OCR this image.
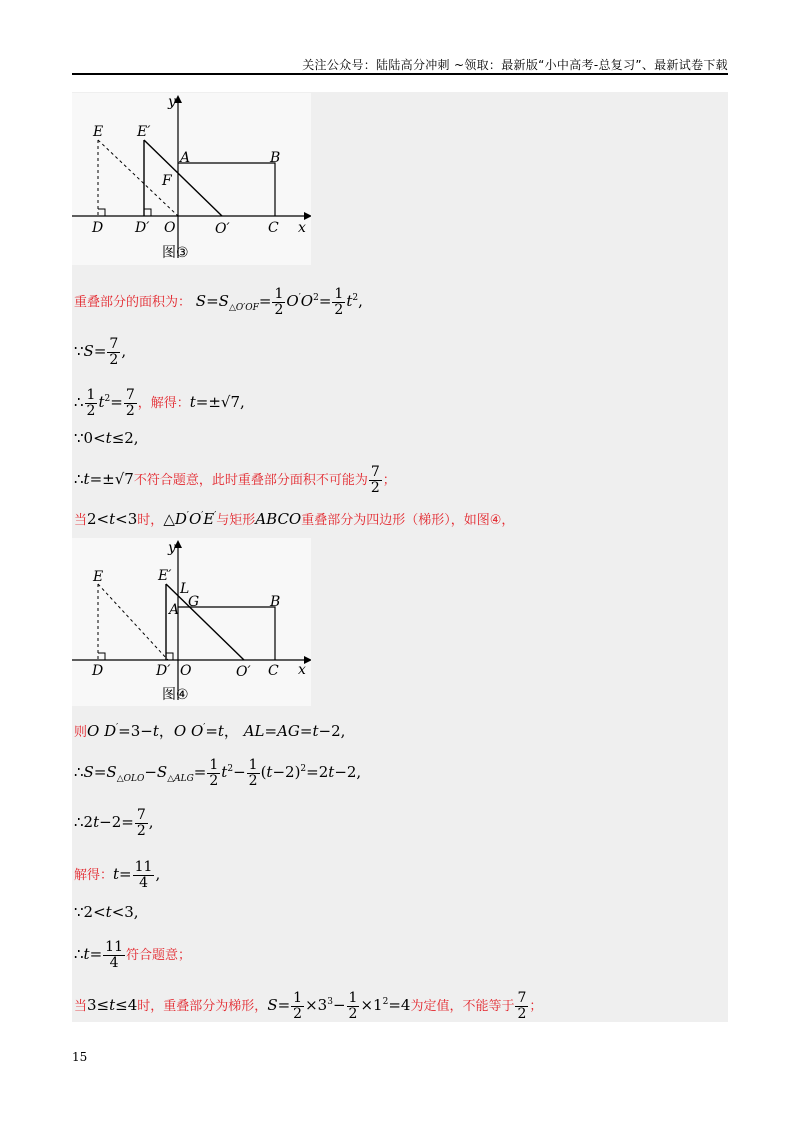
关注公众号：陆陆高分冲刺 ~领取：最新版“小中高考-总复习”、最新试卷下载
E E′
y
A	B
F
D D′ O	O′	C x
图③
重叠部分的面积为： $S=S_{\triangle O'OF}= \frac{1}{2} O'O^2= \frac{1}{2} t^2$,
∵S= $\frac{7}{2}$ ,
∴ $\frac{1}{2} t^2= \frac{7}{2}$ ，解得：t=±√7,
∵0<t≤2,
∴t=±√7不符合题意，此时重叠部分面积不可能为 $\frac{7}{2}$ ；
当2<t<3时，△D′O′E′与矩形ABCO重叠部分为四边形（梯形），如图④，
E	E′
y
L
A G	B
D	D′ O	O′ C x
图④
则O D′=3−t，O O′=t， AL=AG=t−2,
$\therefore S=S_{\triangle OLO}-S_{\triangle ALG}= \frac{1}{2} t^2- \frac{1}{2} (t-2)^2=2t-2$,
∴2t−2= $\frac{7}{2}$ ,
解得：$t= \frac{11}{4}$ ,
∵2<t<3,
∴t= $\frac{11}{4}$ 符合题意；
当3≤t≤4时，重叠部分为梯形，$S= \frac{1}{2} \times 3^3- \frac{1}{2} \times 1^2=4$为定值，不能等于 $\frac{7}{2}$ ；
15
